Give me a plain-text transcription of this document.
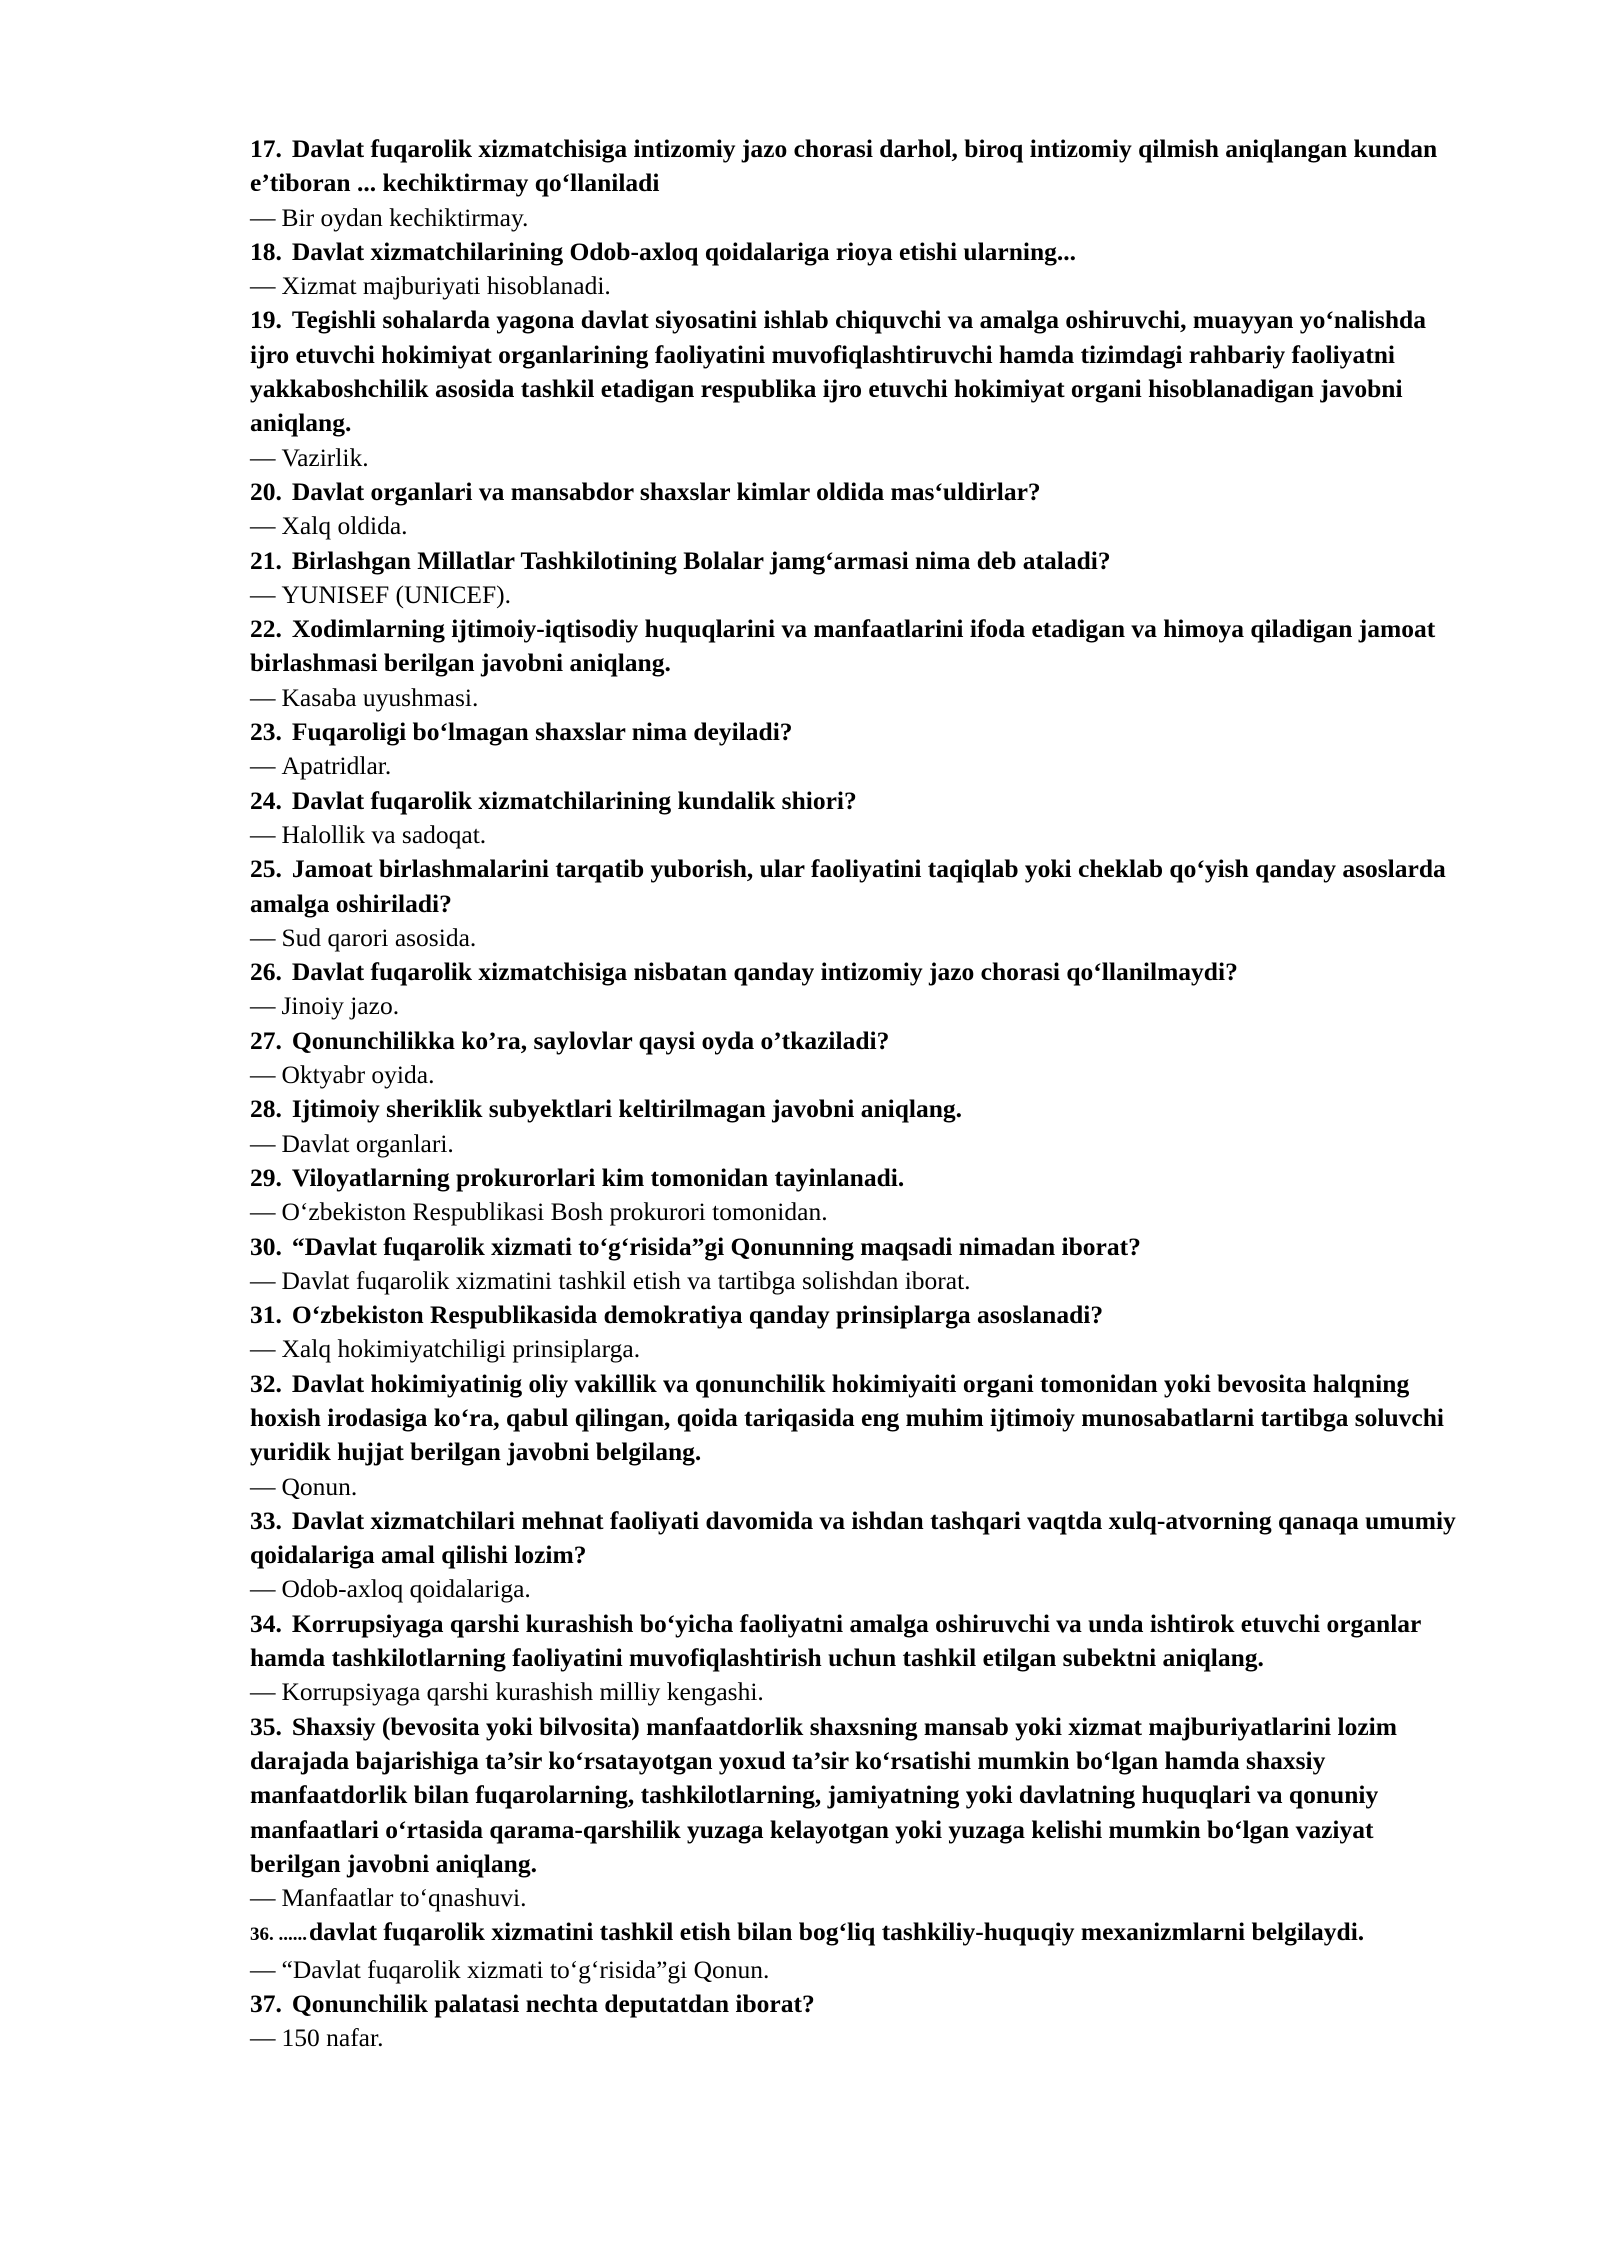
17. Davlat fuqarolik xizmatchisiga intizomiy jazo chorasi darhol, biroq intizomiy qilmish aniqlangan kundan e’tiboran ... kechiktirmay qo‘llaniladi

— Bir oydan kechiktirmay.

18. Davlat xizmatchilarining Odob-axloq qoidalariga rioya etishi ularning...

— Xizmat majburiyati hisoblanadi.

19. Tegishli sohalarda yagona davlat siyosatini ishlab chiquvchi va amalga oshiruvchi, muayyan yo‘nalishda ijro etuvchi hokimiyat organlarining faoliyatini muvofiqlashtiruvchi hamda tizimdagi rahbariy faoliyatni yakkaboshchilik asosida tashkil etadigan respublika ijro etuvchi hokimiyat organi hisoblanadigan javobni aniqlang.

— Vazirlik.

20. Davlat organlari va mansabdor shaxslar kimlar oldida mas‘uldirlar?

— Xalq oldida.

21. Birlashgan Millatlar Tashkilotining Bolalar jamg‘armasi nima deb ataladi?

— YUNISEF (UNICEF).

22. Xodimlarning ijtimoiy-iqtisodiy huquqlarini va manfaatlarini ifoda etadigan va himoya qiladigan jamoat birlashmasi berilgan javobni aniqlang.

— Kasaba uyushmasi.

23. Fuqaroligi bo‘lmagan shaxslar nima deyiladi?

— Apatridlar.

24. Davlat fuqarolik xizmatchilarining kundalik shiori?

— Halollik va sadoqat.

25. Jamoat birlashmalarini tarqatib yuborish, ular faoliyatini taqiqlab yoki cheklab qo‘yish qanday asoslarda amalga oshiriladi?

— Sud qarori asosida.

26. Davlat fuqarolik xizmatchisiga nisbatan qanday intizomiy jazo chorasi qo‘llanilmaydi?

— Jinoiy jazo.

27. Qonunchilikka ko’ra, saylovlar qaysi oyda o’tkaziladi?

— Oktyabr oyida.

28. Ijtimoiy sheriklik subyektlari keltirilmagan javobni aniqlang.

— Davlat organlari.

29. Viloyatlarning prokurorlari kim tomonidan tayinlanadi.

— O‘zbekiston Respublikasi Bosh prokurori tomonidan.

30. “Davlat fuqarolik xizmati to‘g‘risida”gi Qonunning maqsadi nimadan iborat?

— Davlat fuqarolik xizmatini tashkil etish va tartibga solishdan iborat.

31. O‘zbekiston Respublikasida demokratiya qanday prinsiplarga asoslanadi?

— Xalq hokimiyatchiligi prinsiplarga.

32. Davlat hokimiyatinig oliy vakillik va qonunchilik hokimiyaiti organi tomonidan yoki bevosita halqning hoxish irodasiga ko‘ra, qabul qilingan, qoida tariqasida eng muhim ijtimoiy munosabatlarni tartibga soluvchi yuridik hujjat berilgan javobni belgilang.

— Qonun.

33. Davlat xizmatchilari mehnat faoliyati davomida va ishdan tashqari vaqtda xulq-atvorning qanaqa umumiy qoidalariga amal qilishi lozim?

— Odob-axloq qoidalariga.

34. Korrupsiyaga qarshi kurashish bo‘yicha faoliyatni amalga oshiruvchi va unda ishtirok etuvchi organlar hamda tashkilotlarning faoliyatini muvofiqlashtirish uchun tashkil etilgan subektni aniqlang.

— Korrupsiyaga qarshi kurashish milliy kengashi.

35. Shaxsiy (bevosita yoki bilvosita) manfaatdorlik shaxsning mansab yoki xizmat majburiyatlarini lozim darajada bajarishiga ta’sir ko‘rsatayotgan yoxud ta’sir ko‘rsatishi mumkin bo‘lgan hamda shaxsiy manfaatdorlik bilan fuqarolarning, tashkilotlarning, jamiyatning yoki davlatning huquqlari va qonuniy manfaatlari o‘rtasida qarama-qarshilik yuzaga kelayotgan yoki yuzaga kelishi mumkin bo‘lgan vaziyat berilgan javobni aniqlang.

— Manfaatlar to‘qnashuvi.

36. ......davlat fuqarolik xizmatini tashkil etish bilan bog‘liq tashkiliy-huquqiy mexanizmlarni belgilaydi.

— “Davlat fuqarolik xizmati to‘g‘risida”gi Qonun.

37. Qonunchilik palatasi nechta deputatdan iborat?

— 150 nafar.
